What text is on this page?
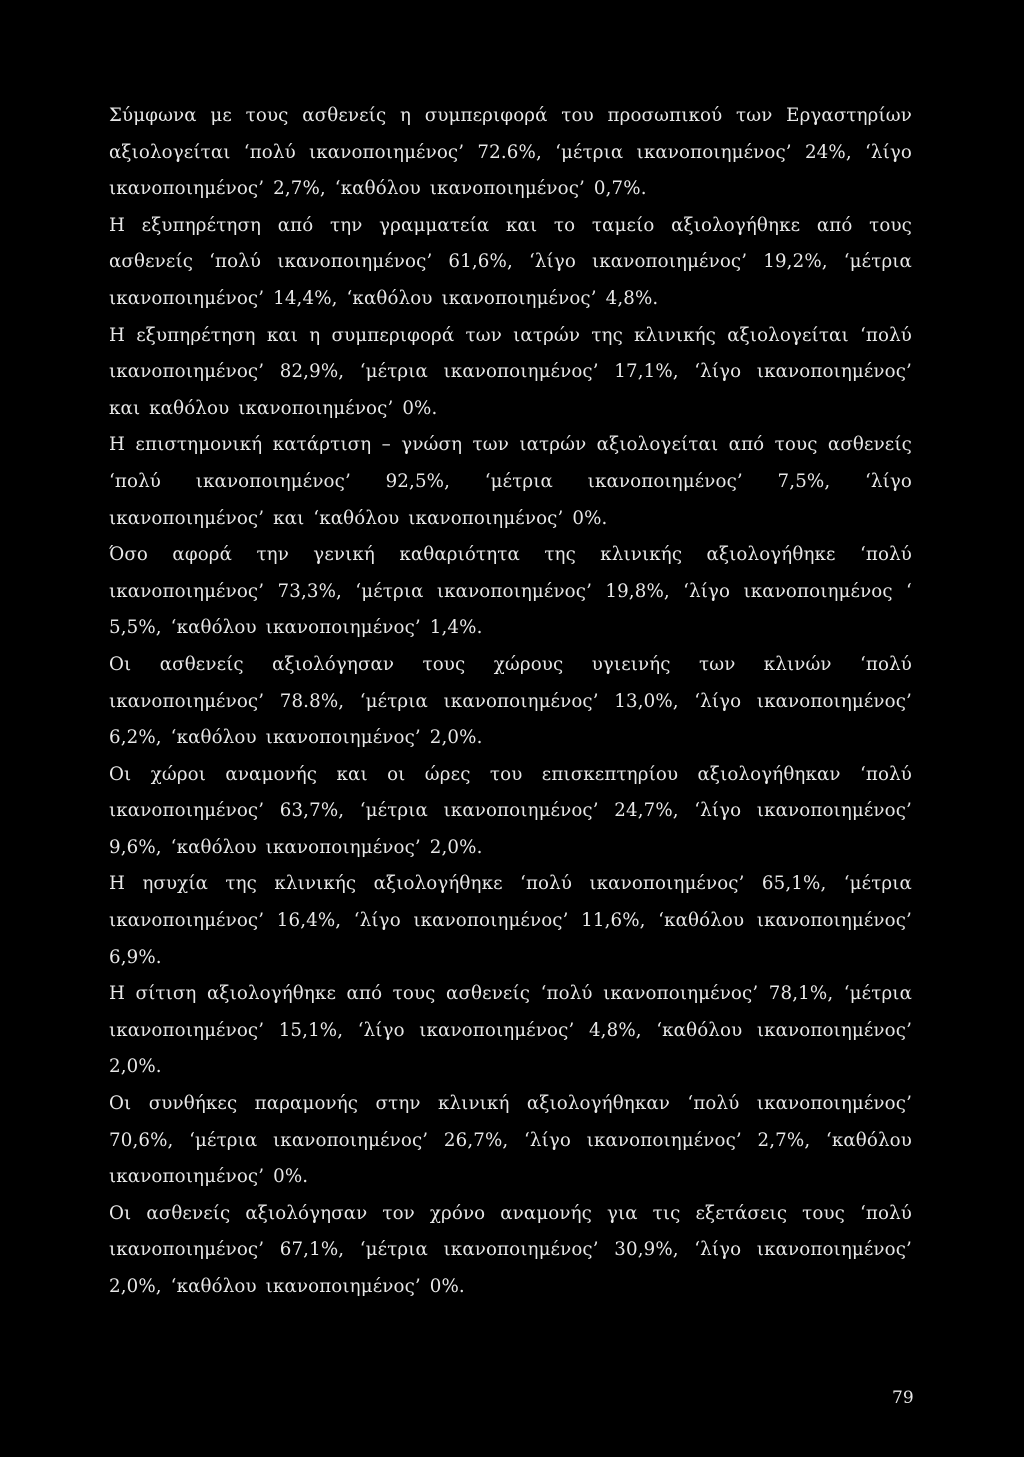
Σύμφωνα με τους ασθενείς η συμπεριφορά του προσωπικού των Εργαστηρίων αξιολογείται ‘πολύ ικανοποιημένος’ 72.6%, ‘μέτρια ικανοποιημένος’ 24%, ‘λίγο ικανοποιημένος’ 2,7%, ‘καθόλου ικανοποιημένος’ 0,7%.

Η εξυπηρέτηση από την γραμματεία και το ταμείο αξιολογήθηκε από τους ασθενείς ‘πολύ ικανοποιημένος’ 61,6%, ‘λίγο ικανοποιημένος’ 19,2%, ‘μέτρια ικανοποιημένος’ 14,4%, ‘καθόλου ικανοποιημένος’ 4,8%.

Η εξυπηρέτηση και η συμπεριφορά των ιατρών της κλινικής αξιολογείται ‘πολύ ικανοποιημένος’ 82,9%, ‘μέτρια ικανοποιημένος’ 17,1%, ‘λίγο ικανοποιημένος’ και καθόλου ικανοποιημένος’ 0%.

Η επιστημονική κατάρτιση – γνώση των ιατρών αξιολογείται από τους ασθενείς ‘πολύ ικανοποιημένος’ 92,5%, ‘μέτρια ικανοποιημένος’ 7,5%, ‘λίγο ικανοποιημένος’ και ‘καθόλου ικανοποιημένος’ 0%.

Όσο αφορά την γενική καθαριότητα της κλινικής αξιολογήθηκε ‘πολύ ικανοποιημένος’ 73,3%, ‘μέτρια ικανοποιημένος’ 19,8%, ‘λίγο ικανοποιημένος ‘ 5,5%, ‘καθόλου ικανοποιημένος’ 1,4%.

Οι ασθενείς αξιολόγησαν τους χώρους υγιεινής των κλινών ‘πολύ ικανοποιημένος’ 78.8%, ‘μέτρια ικανοποιημένος’ 13,0%, ‘λίγο ικανοποιημένος’ 6,2%, ‘καθόλου ικανοποιημένος’ 2,0%.

Οι χώροι αναμονής και οι ώρες του επισκεπτηρίου αξιολογήθηκαν ‘πολύ ικανοποιημένος’ 63,7%, ‘μέτρια ικανοποιημένος’ 24,7%, ‘λίγο ικανοποιημένος’ 9,6%, ‘καθόλου ικανοποιημένος’ 2,0%.

Η ησυχία της κλινικής αξιολογήθηκε ‘πολύ ικανοποιημένος’ 65,1%, ‘μέτρια ικανοποιημένος’ 16,4%, ‘λίγο ικανοποιημένος’ 11,6%, ‘καθόλου ικανοποιημένος’ 6,9%.

Η σίτιση αξιολογήθηκε από τους ασθενείς ‘πολύ ικανοποιημένος’ 78,1%, ‘μέτρια ικανοποιημένος’ 15,1%, ‘λίγο ικανοποιημένος’ 4,8%, ‘καθόλου ικανοποιημένος’ 2,0%.

Οι συνθήκες παραμονής στην κλινική αξιολογήθηκαν ‘πολύ ικανοποιημένος’ 70,6%, ‘μέτρια ικανοποιημένος’ 26,7%, ‘λίγο ικανοποιημένος’ 2,7%, ‘καθόλου ικανοποιημένος’ 0%.

Οι ασθενείς αξιολόγησαν τον χρόνο αναμονής για τις εξετάσεις τους ‘πολύ ικανοποιημένος’ 67,1%, ‘μέτρια ικανοποιημένος’ 30,9%, ‘λίγο ικανοποιημένος’ 2,0%, ‘καθόλου ικανοποιημένος’ 0%.

79
